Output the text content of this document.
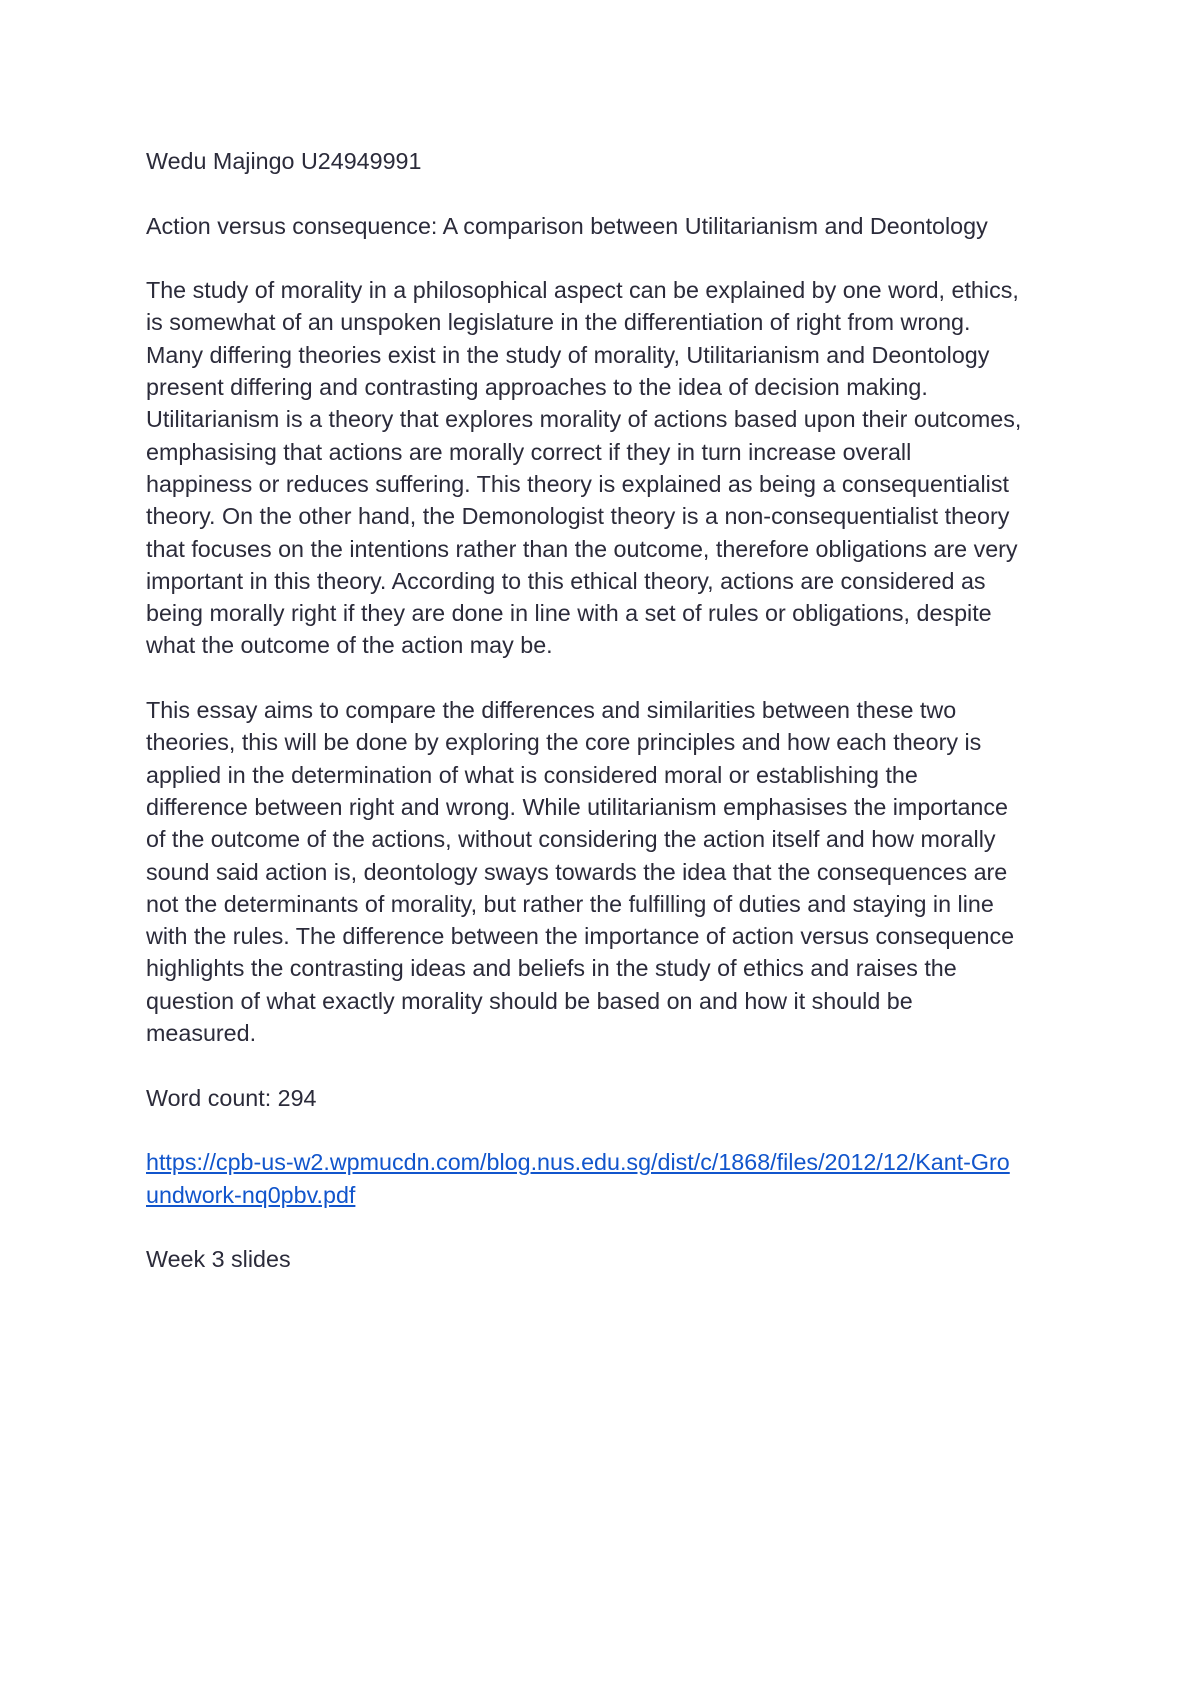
Wedu Majingo U24949991

Action versus consequence: A comparison between Utilitarianism and Deontology

The study of morality in a philosophical aspect can be explained by one word, ethics,

is somewhat of an unspoken legislature in the differentiation of right from wrong.

Many differing theories exist in the study of morality, Utilitarianism and Deontology

present differing and contrasting approaches to the idea of decision making.

Utilitarianism is a theory that explores morality of actions based upon their outcomes,

emphasising that actions are morally correct if they in turn increase overall

happiness or reduces suffering. This theory is explained as being a consequentialist

theory. On the other hand, the Demonologist theory is a non-consequentialist theory

that focuses on the intentions rather than the outcome, therefore obligations are very

important in this theory. According to this ethical theory, actions are considered as

being morally right if they are done in line with a set of rules or obligations, despite

what the outcome of the action may be.

This essay aims to compare the differences and similarities between these two

theories, this will be done by exploring the core principles and how each theory is

applied in the determination of what is considered moral or establishing the

difference between right and wrong. While utilitarianism emphasises the importance

of the outcome of the actions, without considering the action itself and how morally

sound said action is, deontology sways towards the idea that the consequences are

not the determinants of morality, but rather the fulfilling of duties and staying in line

with the rules. The difference between the importance of action versus consequence

highlights the contrasting ideas and beliefs in the study of ethics and raises the

question of what exactly morality should be based on and how it should be

measured.

Word count: 294

https://cpb-us-w2.wpmucdn.com/blog.nus.edu.sg/dist/c/1868/files/2012/12/Kant-Gro

undwork-nq0pbv.pdf

Week 3 slides
